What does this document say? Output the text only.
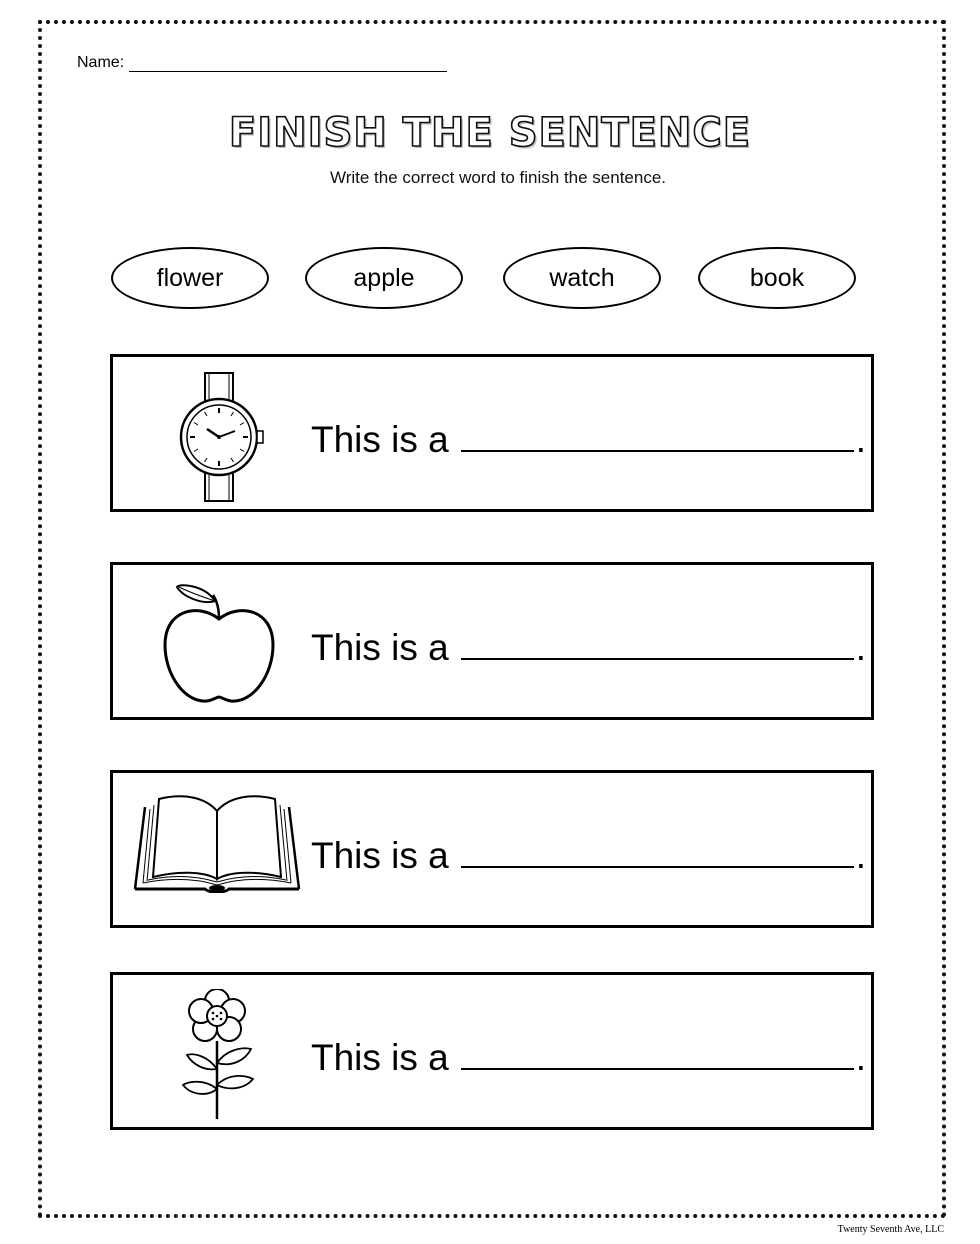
Name:
FINISH THE SENTENCE
Write the correct word to finish the sentence.
flower	apple	watch	book
This is a	.
This is a	.
This is a	.
This is a	.
Twenty Seventh Ave, LLC
